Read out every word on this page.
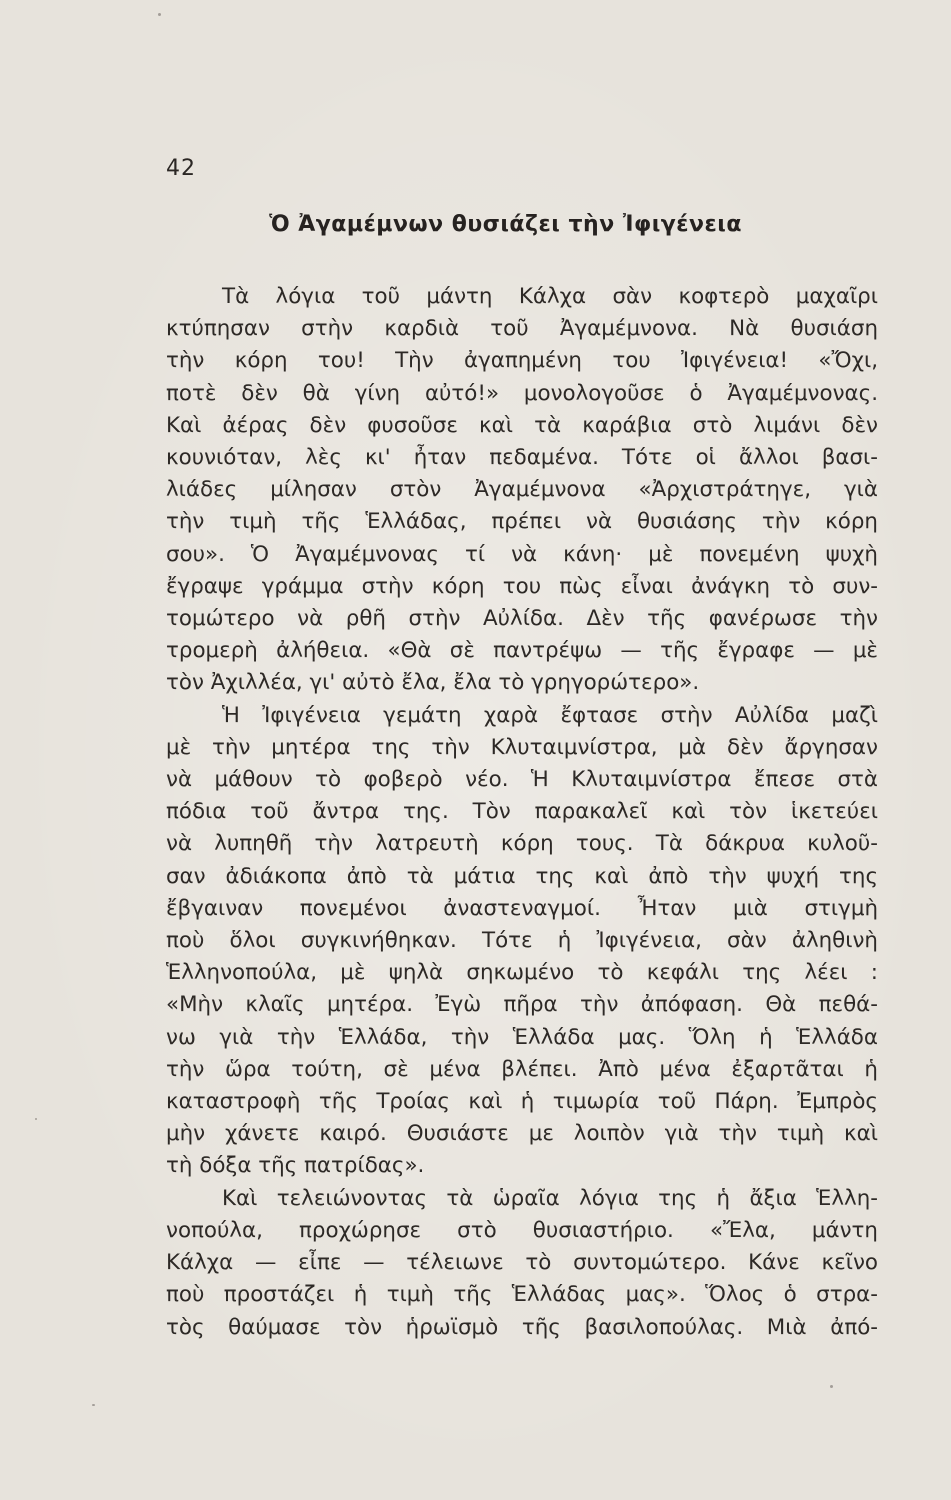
42
Ὁ Ἀγαμέμνων θυσιάζει τὴν Ἰφιγένεια
Τὰ λόγια τοῦ μάντη Κάλχα σὰν κοφτερὸ μαχαῖρι
κτύπησαν στὴν καρδιὰ τοῦ Ἀγαμέμνονα. Νὰ θυσιάση
τὴν κόρη του! Τὴν ἀγαπημένη του Ἰφιγένεια! «Ὄχι,
ποτὲ δὲν θὰ γίνη αὐτό!» μονολογοῦσε ὁ Ἀγαμέμνονας.
Καὶ ἀέρας δὲν φυσοῦσε καὶ τὰ καράβια στὸ λιμάνι δὲν
κουνιόταν, λὲς κι' ἦταν πεδαμένα. Τότε οἱ ἄλλοι βασι-
λιάδες μίλησαν στὸν Ἀγαμέμνονα «Ἀρχιστράτηγε, γιὰ
τὴν τιμὴ τῆς Ἑλλάδας, πρέπει νὰ θυσιάσης τὴν κόρη
σου». Ὁ Ἀγαμέμνονας τί νὰ κάνη· μὲ πονεμένη ψυχὴ
ἔγραψε γράμμα στὴν κόρη του πὼς εἶναι ἀνάγκη τὸ συν-
τομώτερο νὰ ρθῆ στὴν Αὐλίδα. Δὲν τῆς φανέρωσε τὴν
τρομερὴ ἀλήθεια. «Θὰ σὲ παντρέψω — τῆς ἔγραφε — μὲ
τὸν Ἀχιλλέα, γι' αὐτὸ ἔλα, ἔλα τὸ γρηγορώτερο».
Ἡ Ἰφιγένεια γεμάτη χαρὰ ἔφτασε στὴν Αὐλίδα μαζὶ
μὲ τὴν μητέρα της τὴν Κλυταιμνίστρα, μὰ δὲν ἄργησαν
νὰ μάθουν τὸ φοβερὸ νέο. Ἡ Κλυταιμνίστρα ἔπεσε στὰ
πόδια τοῦ ἄντρα της. Τὸν παρακαλεῖ καὶ τὸν ἱκετεύει
νὰ λυπηθῆ τὴν λατρευτὴ κόρη τους. Τὰ δάκρυα κυλοῦ-
σαν ἀδιάκοπα ἀπὸ τὰ μάτια της καὶ ἀπὸ τὴν ψυχή της
ἔβγαιναν πονεμένοι ἀναστεναγμοί. Ἦταν μιὰ στιγμὴ
ποὺ ὅλοι συγκινήθηκαν. Τότε ἡ Ἰφιγένεια, σὰν ἀληθινὴ
Ἑλληνοπούλα, μὲ ψηλὰ σηκωμένο τὸ κεφάλι της λέει :
«Μὴν κλαῖς μητέρα. Ἐγὼ πῆρα τὴν ἀπόφαση. Θὰ πεθά-
νω γιὰ τὴν Ἑλλάδα, τὴν Ἑλλάδα μας. Ὅλη ἡ Ἑλλάδα
τὴν ὥρα τούτη, σὲ μένα βλέπει. Ἀπὸ μένα ἐξαρτᾶται ἡ
καταστροφὴ τῆς Τροίας καὶ ἡ τιμωρία τοῦ Πάρη. Ἐμπρὸς
μὴν χάνετε καιρό. Θυσιάστε με λοιπὸν γιὰ τὴν τιμὴ καὶ
τὴ δόξα τῆς πατρίδας».
Καὶ τελειώνοντας τὰ ὡραῖα λόγια της ἡ ἄξια Ἑλλη-
νοπούλα, προχώρησε στὸ θυσιαστήριο. «Ἔλα, μάντη
Κάλχα — εἶπε — τέλειωνε τὸ συντομώτερο. Κάνε κεῖνο
ποὺ προστάζει ἡ τιμὴ τῆς Ἑλλάδας μας». Ὅλος ὁ στρα-
τὸς θαύμασε τὸν ἡρωϊσμὸ τῆς βασιλοπούλας. Μιὰ ἀπό-
